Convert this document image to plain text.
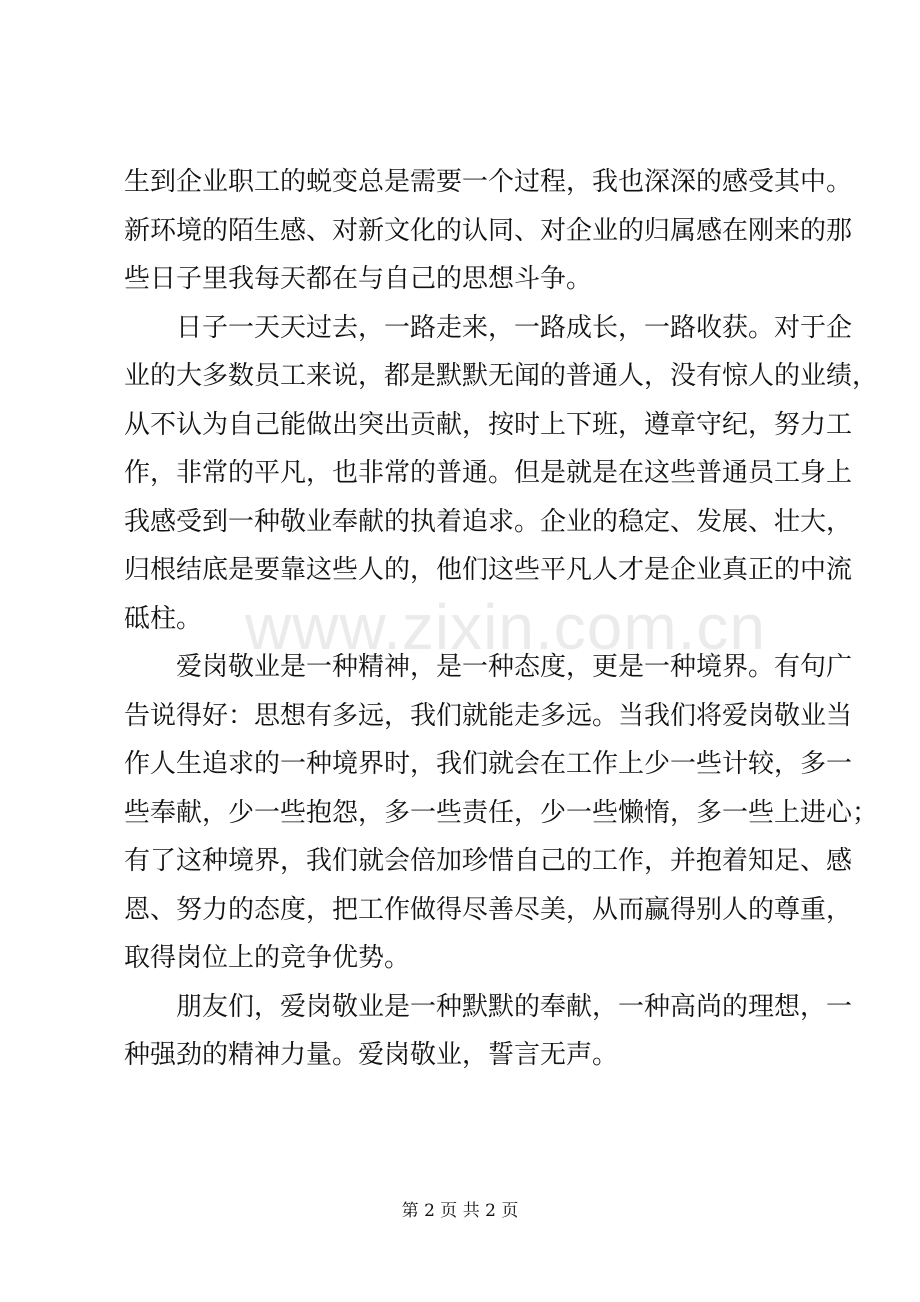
www.zixin.com.cn
生到企业职工的蜕变总是需要一个过程，我也深深的感受其中。
新环境的陌生感、对新文化的认同、对企业的归属感在刚来的那
些日子里我每天都在与自己的思想斗争。
日子一天天过去，一路走来，一路成长，一路收获。对于企
业的大多数员工来说，都是默默无闻的普通人，没有惊人的业绩，
从不认为自己能做出突出贡献，按时上下班，遵章守纪，努力工
作，非常的平凡，也非常的普通。但是就是在这些普通员工身上
我感受到一种敬业奉献的执着追求。企业的稳定、发展、壮大，
归根结底是要靠这些人的，他们这些平凡人才是企业真正的中流
砥柱。
爱岗敬业是一种精神，是一种态度，更是一种境界。有句广
告说得好：思想有多远，我们就能走多远。当我们将爱岗敬业当
作人生追求的一种境界时，我们就会在工作上少一些计较，多一
些奉献，少一些抱怨，多一些责任，少一些懒惰，多一些上进心；
有了这种境界，我们就会倍加珍惜自己的工作，并抱着知足、感
恩、努力的态度，把工作做得尽善尽美，从而赢得别人的尊重，
取得岗位上的竞争优势。
朋友们，爱岗敬业是一种默默的奉献，一种高尚的理想，一
种强劲的精神力量。爱岗敬业，誓言无声。
第 2 页 共 2 页
